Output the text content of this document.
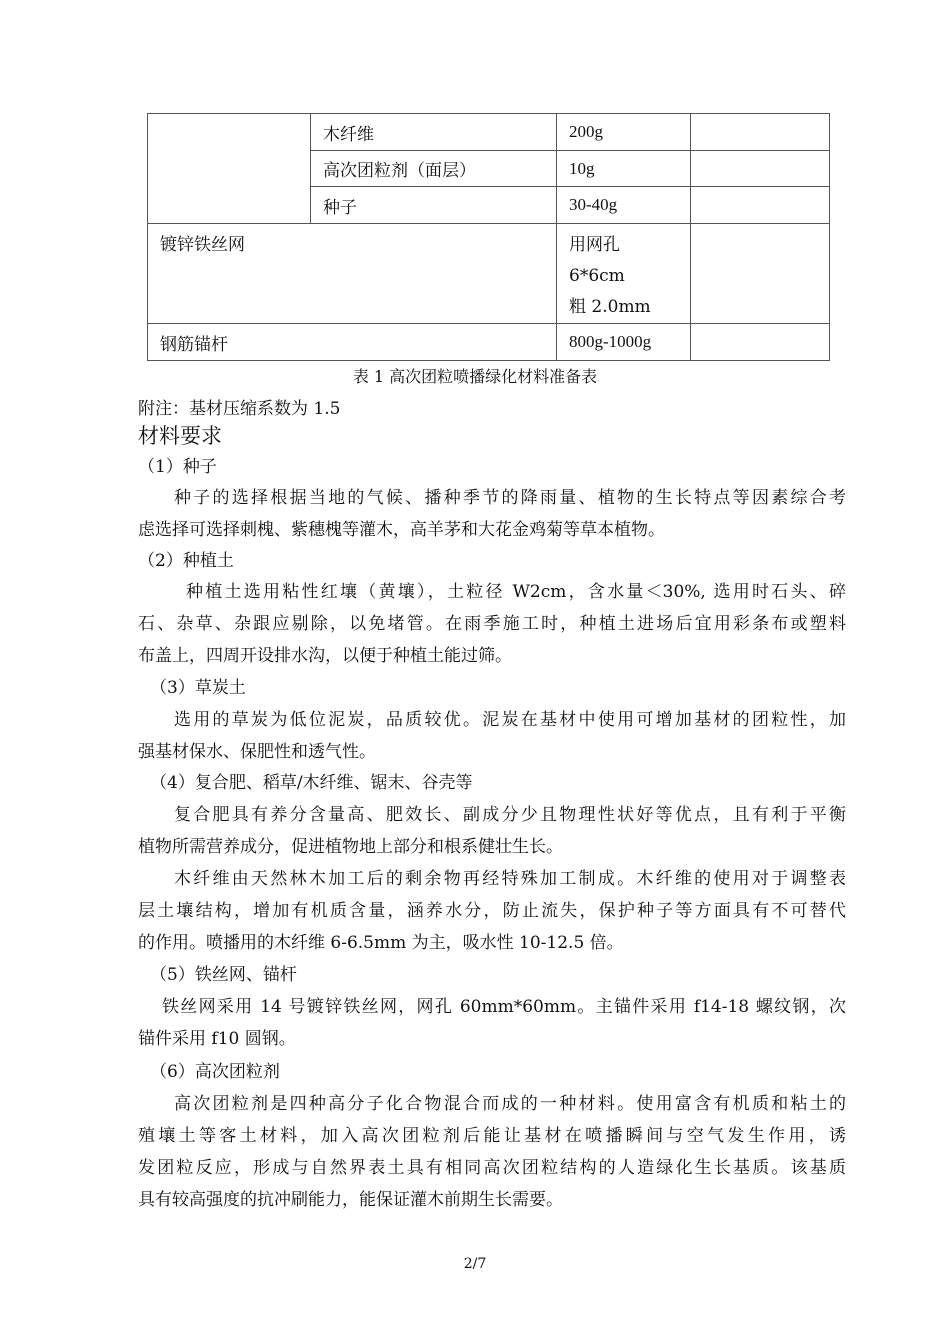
	木纤维	200g	
	高次团粒剂（面层）	10g	
	种子	30-40g	
镀锌铁丝网		用网孔 6*6cm
粗 2.0mm	

钢筋锚杆		800g-1000g	
表 1 高次团粒喷播绿化材料准备表
附注：基材压缩系数为 1.5
材料要求
（1）种子
种子的选择根据当地的气候、播种季节的降雨量、植物的生长特点等因素综合考
虑选择可选择刺槐、紫穗槐等灌木，高羊茅和大花金鸡菊等草本植物。
（2）种植土
种植土选用粘性红壤（黄壤），土粒径 W2cm，含水量＜30%, 选用时石头、碎
石、杂草、杂跟应剔除，以免堵管。在雨季施工时，种植土进场后宜用彩条布或塑料
布盖上，四周开设排水沟，以便于种植土能过筛。
（3）草炭土
选用的草炭为低位泥炭，品质较优。泥炭在基材中使用可增加基材的团粒性，加
强基材保水、保肥性和透气性。
（4）复合肥、稻草/木纤维、锯末、谷壳等
复合肥具有养分含量高、肥效长、副成分少且物理性状好等优点，且有利于平衡
植物所需营养成分，促进植物地上部分和根系健壮生长。
木纤维由天然林木加工后的剩余物再经特殊加工制成。木纤维的使用对于调整表
层土壤结构，增加有机质含量，涵养水分，防止流失，保护种子等方面具有不可替代
的作用。喷播用的木纤维 6-6.5mm 为主，吸水性 10-12.5 倍。
（5）铁丝网、锚杆
铁丝网采用 14 号镀锌铁丝网，网孔 60mm*60mm。主锚件采用 f14-18 螺纹钢，次
锚件采用 f10 圆钢。
（6）高次团粒剂
高次团粒剂是四种高分子化合物混合而成的一种材料。使用富含有机质和粘土的
殖壤土等客土材料，加入高次团粒剂后能让基材在喷播瞬间与空气发生作用，诱
发团粒反应，形成与自然界表土具有相同高次团粒结构的人造绿化生长基质。该基质
具有较高强度的抗冲刷能力，能保证灌木前期生长需要。
2/7
